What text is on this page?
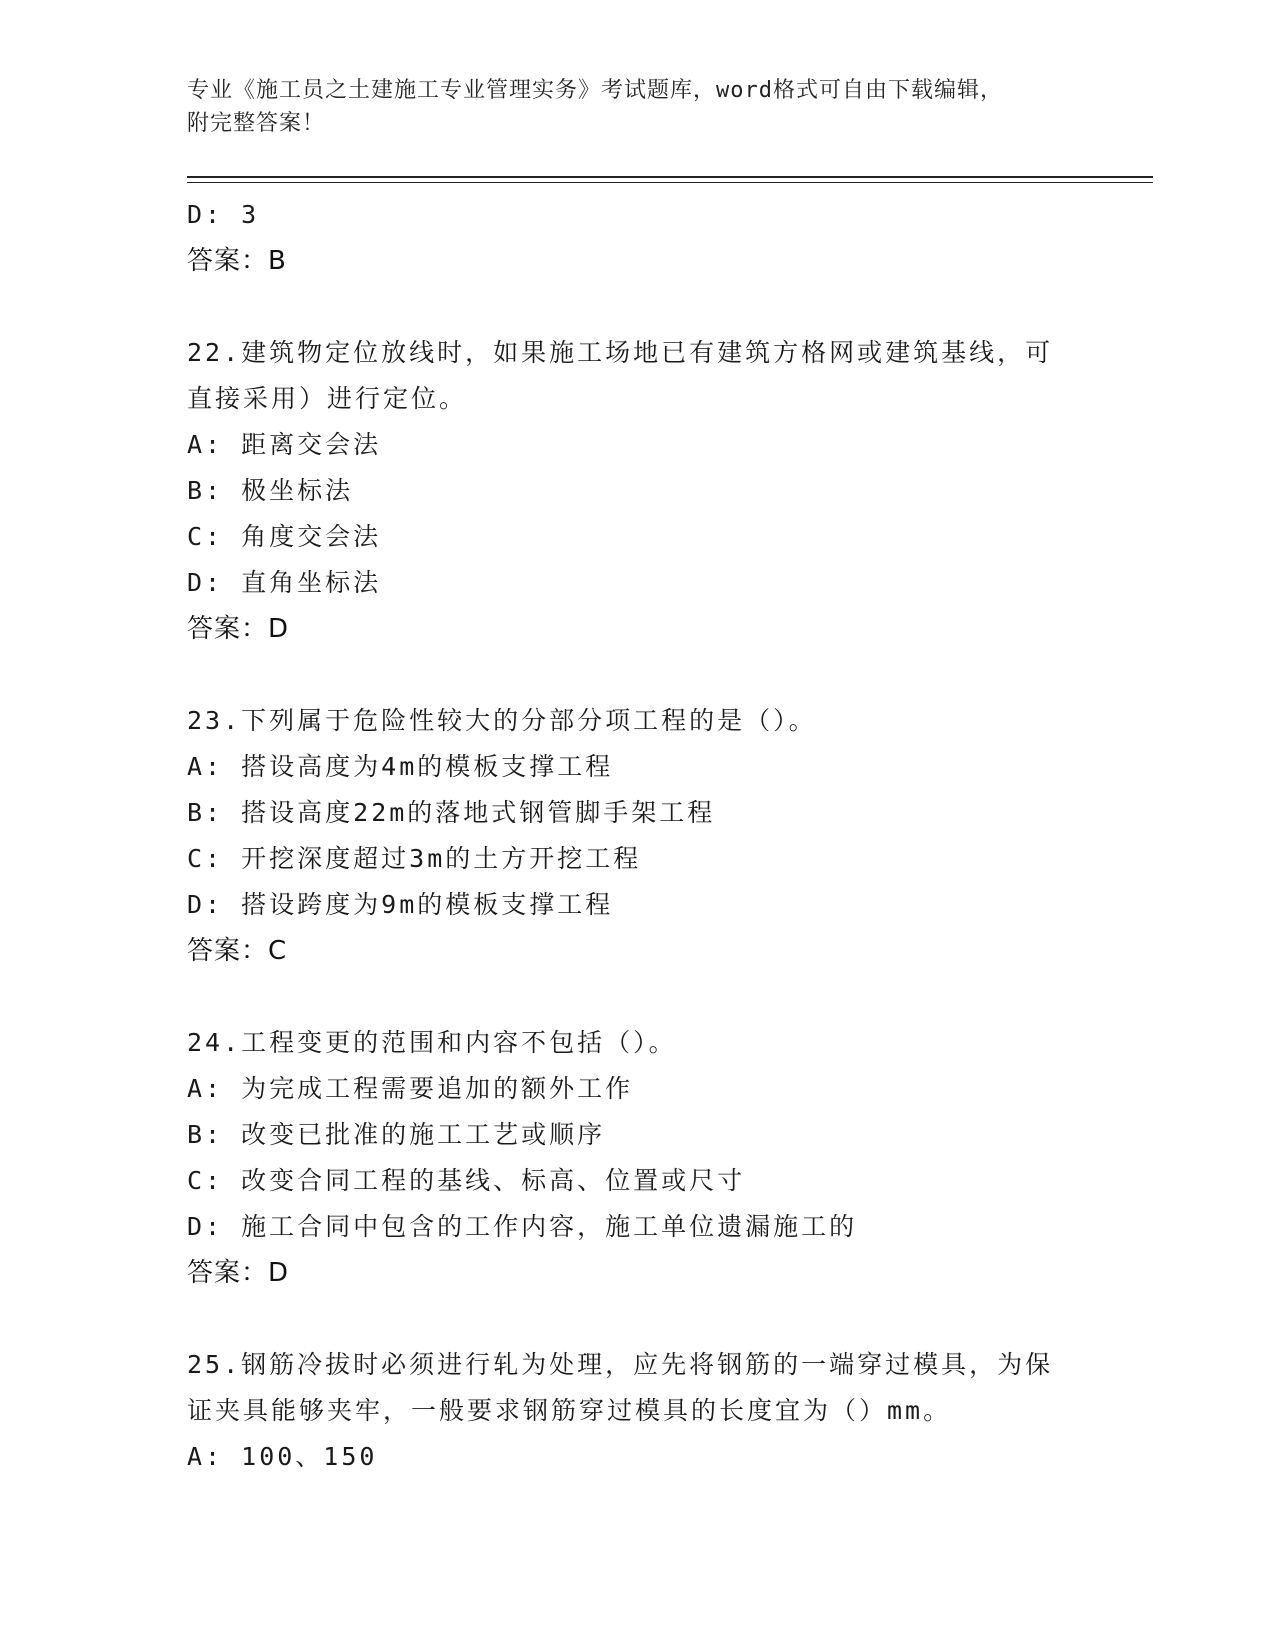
专业《施工员之土建施工专业管理实务》考试题库，word格式可自由下载编辑，
附完整答案！
D: 3
答案：B
22.建筑物定位放线时，如果施工场地已有建筑方格网或建筑基线，可
直接采用）进行定位。
A: 距离交会法
B: 极坐标法
C: 角度交会法
D: 直角坐标法
答案：D
23.下列属于危险性较大的分部分项工程的是（）。
A: 搭设高度为4m的模板支撑工程
B: 搭设高度22m的落地式钢管脚手架工程
C: 开挖深度超过3m的土方开挖工程
D: 搭设跨度为9m的模板支撑工程
答案：C
24.工程变更的范围和内容不包括（）。
A: 为完成工程需要追加的额外工作
B: 改变已批准的施工工艺或顺序
C: 改变合同工程的基线、标高、位置或尺寸
D: 施工合同中包含的工作内容，施工单位遗漏施工的
答案：D
25.钢筋冷拔时必须进行轧为处理，应先将钢筋的一端穿过模具，为保
证夹具能够夹牢，一般要求钢筋穿过模具的长度宜为（）mm。
A: 100、150
